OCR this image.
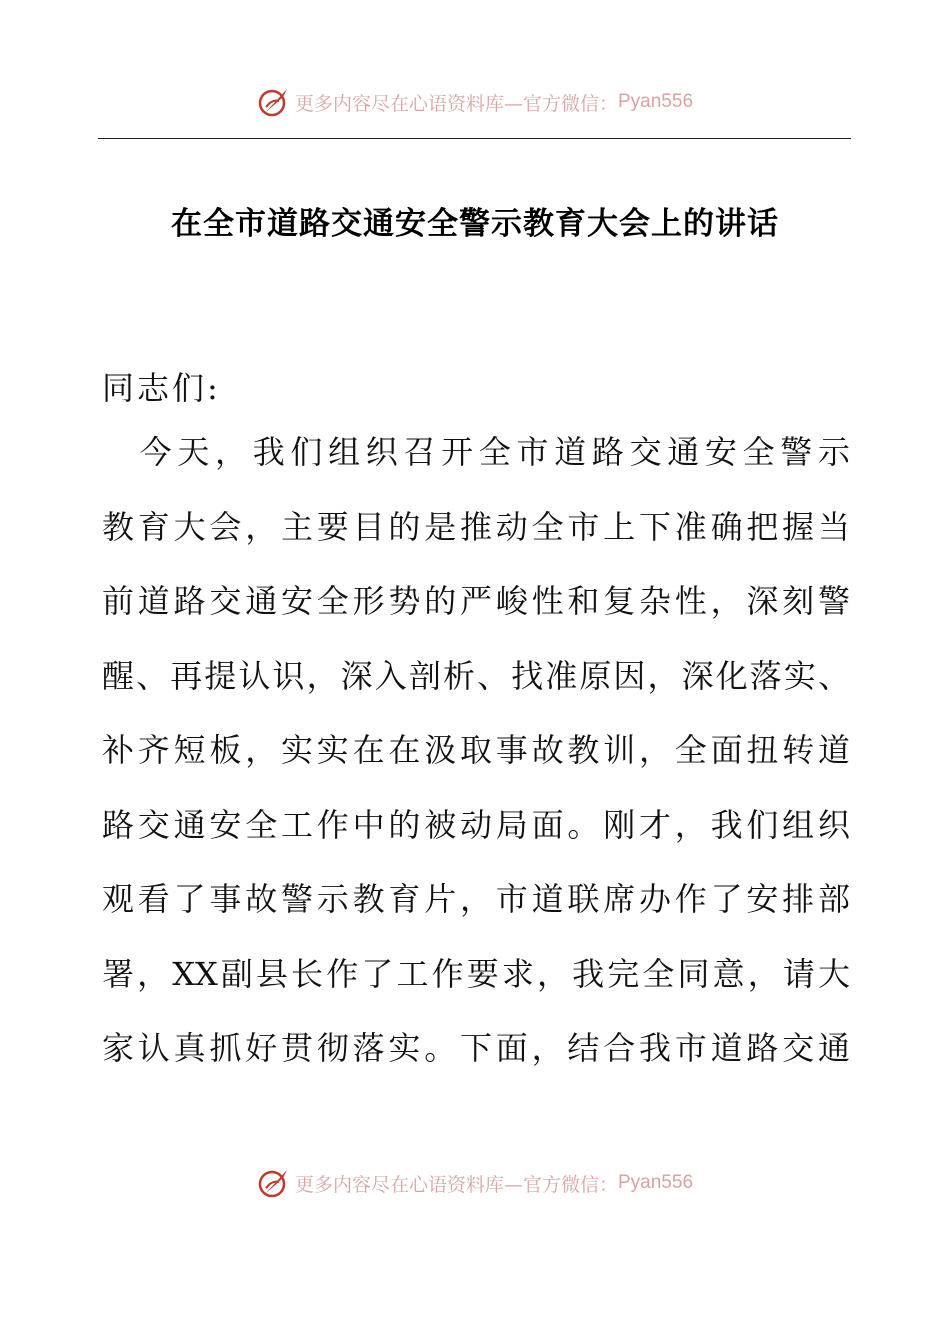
更多内容尽在心语资料库—官方微信： Pyan556
在全市道路交通安全警示教育大会上的讲话
同志们:
　今天，我们组织召开全市道路交通安全警示
教育大会，主要目的是推动全市上下准确把握当
前道路交通安全形势的严峻性和复杂性，深刻警
醒、再提认识，深入剖析、找准原因，深化落实、
补齐短板，实实在在汲取事故教训，全面扭转道
路交通安全工作中的被动局面。刚才，我们组织
观看了事故警示教育片，市道联席办作了安排部
署，XX副县长作了工作要求，我完全同意，请大
家认真抓好贯彻落实。下面，结合我市道路交通
更多内容尽在心语资料库—官方微信： Pyan556
